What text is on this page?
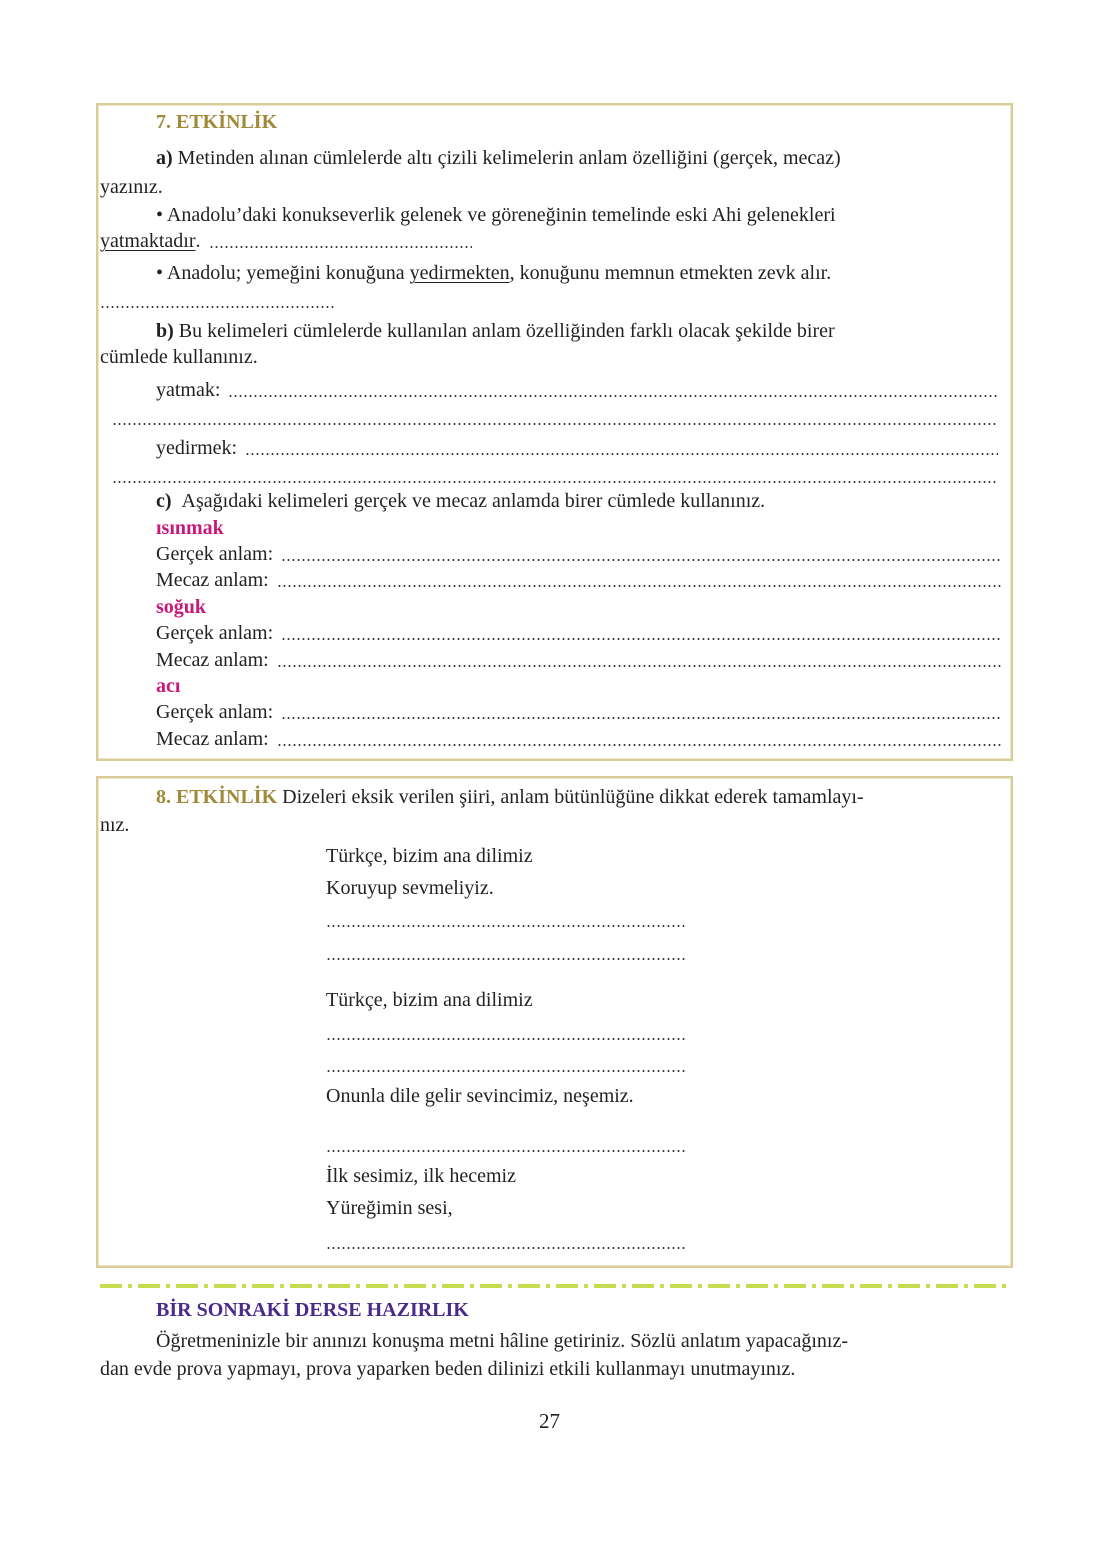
7. ETKİNLİK
a) Metinden alınan cümlelerde altı çizili kelimelerin anlam özelliğini (gerçek, mecaz)
yazınız.
• Anadolu’daki konukseverlik gelenek ve göreneğinin temelinde eski Ahi gelenekleri
yatmaktadır .
• Anadolu; yemeğini konuğuna
yedirmekten , konuğunu memnun etmekten zevk alır.
b)
Bu kelimeleri cümlelerde kullanılan anlam özelliğinden farklı olacak şekilde birer
cümlede kullanınız.
yatmak:
yedirmek:
c)
Aşağıdaki kelimeleri gerçek ve mecaz anlamda birer cümlede kullanınız.
ısınmak
Gerçek anlam:
Mecaz anlam:
soğuk
Gerçek anlam:
Mecaz anlam:
acı
Gerçek anlam:
Mecaz anlam:
8. ETKİNLİK
Dizeleri eksik verilen şiiri, anlam bütünlüğüne dikkat ederek tamamlayı-
nız.
Türkçe, bizim ana dilimiz
Koruyup sevmeliyiz.
Türkçe, bizim ana dilimiz
Onunla dile gelir sevincimiz, neşemiz.
İlk sesimiz, ilk hecemiz
Yüreğimin sesi,
BİR SONRAKİ DERSE HAZIRLIK
Öğretmeninizle bir anınızı konuşma metni hâline getiriniz. Sözlü anlatım yapacağınız-
dan evde prova yapmayı, prova yaparken beden dilinizi etkili kullanmayı unutmayınız.
27
